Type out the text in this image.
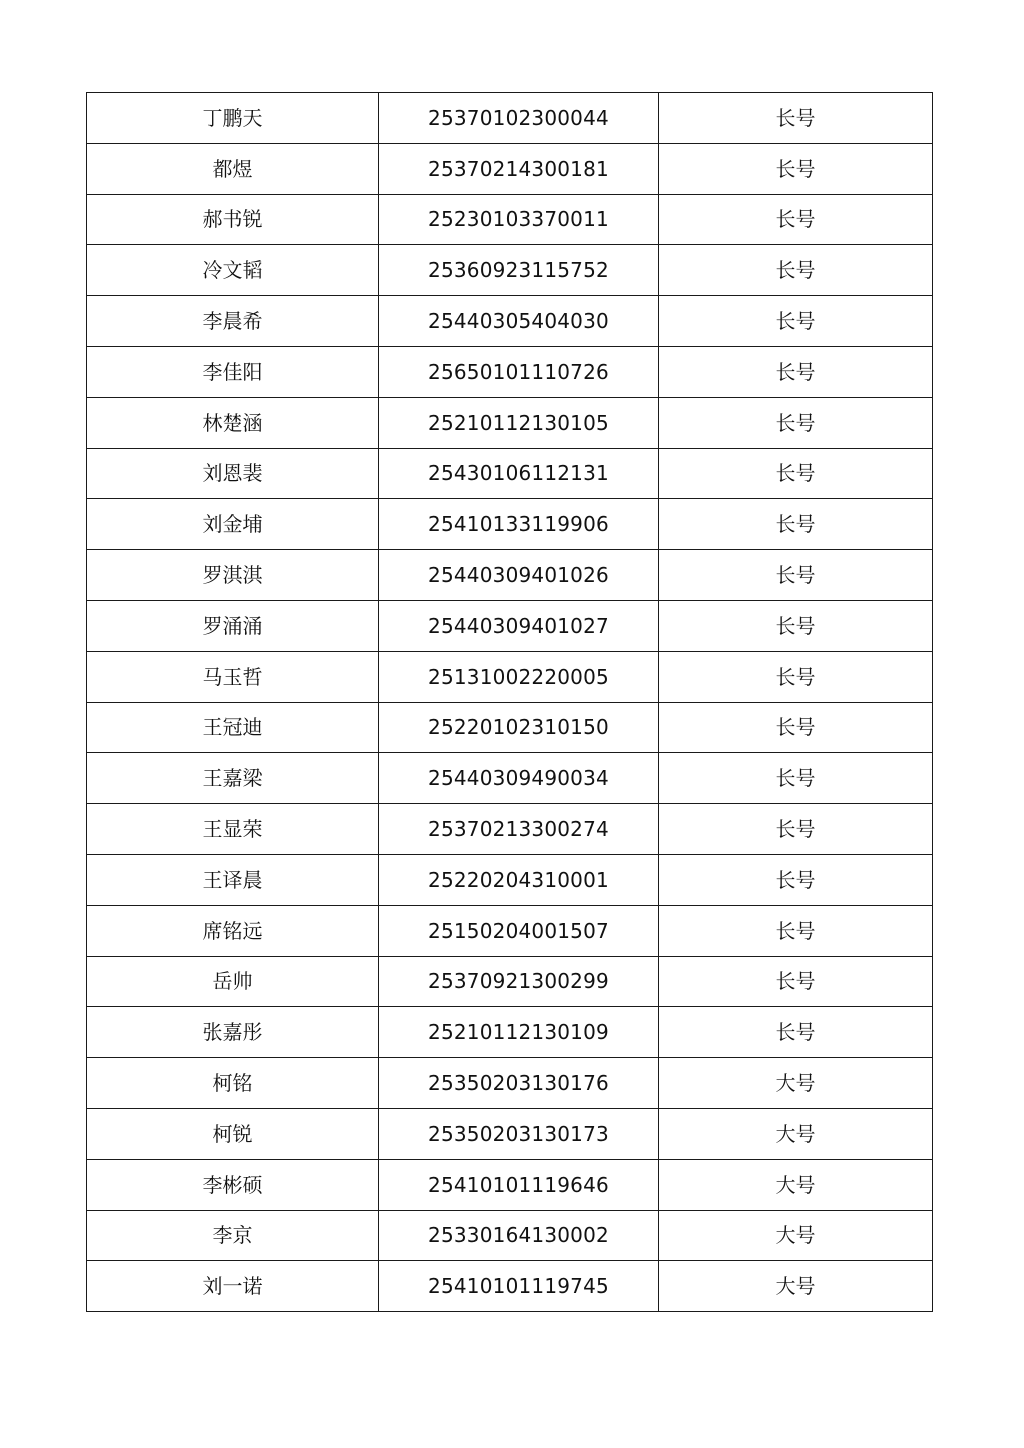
丁鹏天	25370102300044	长号
都煜	25370214300181	长号
郝书锐	25230103370011	长号
冷文韬	25360923115752	长号
李晨希	25440305404030	长号
李佳阳	25650101110726	长号
林楚涵	25210112130105	长号
刘恩裴	25430106112131	长号
刘金埔	25410133119906	长号
罗淇淇	25440309401026	长号
罗涌涌	25440309401027	长号
马玉哲	25131002220005	长号
王冠迪	25220102310150	长号
王嘉梁	25440309490034	长号
王显荣	25370213300274	长号
王译晨	25220204310001	长号
席铭远	25150204001507	长号
岳帅	25370921300299	长号
张嘉彤	25210112130109	长号
柯铭	25350203130176	大号
柯锐	25350203130173	大号
李彬硕	25410101119646	大号
李京	25330164130002	大号
刘一诺	25410101119745	大号
